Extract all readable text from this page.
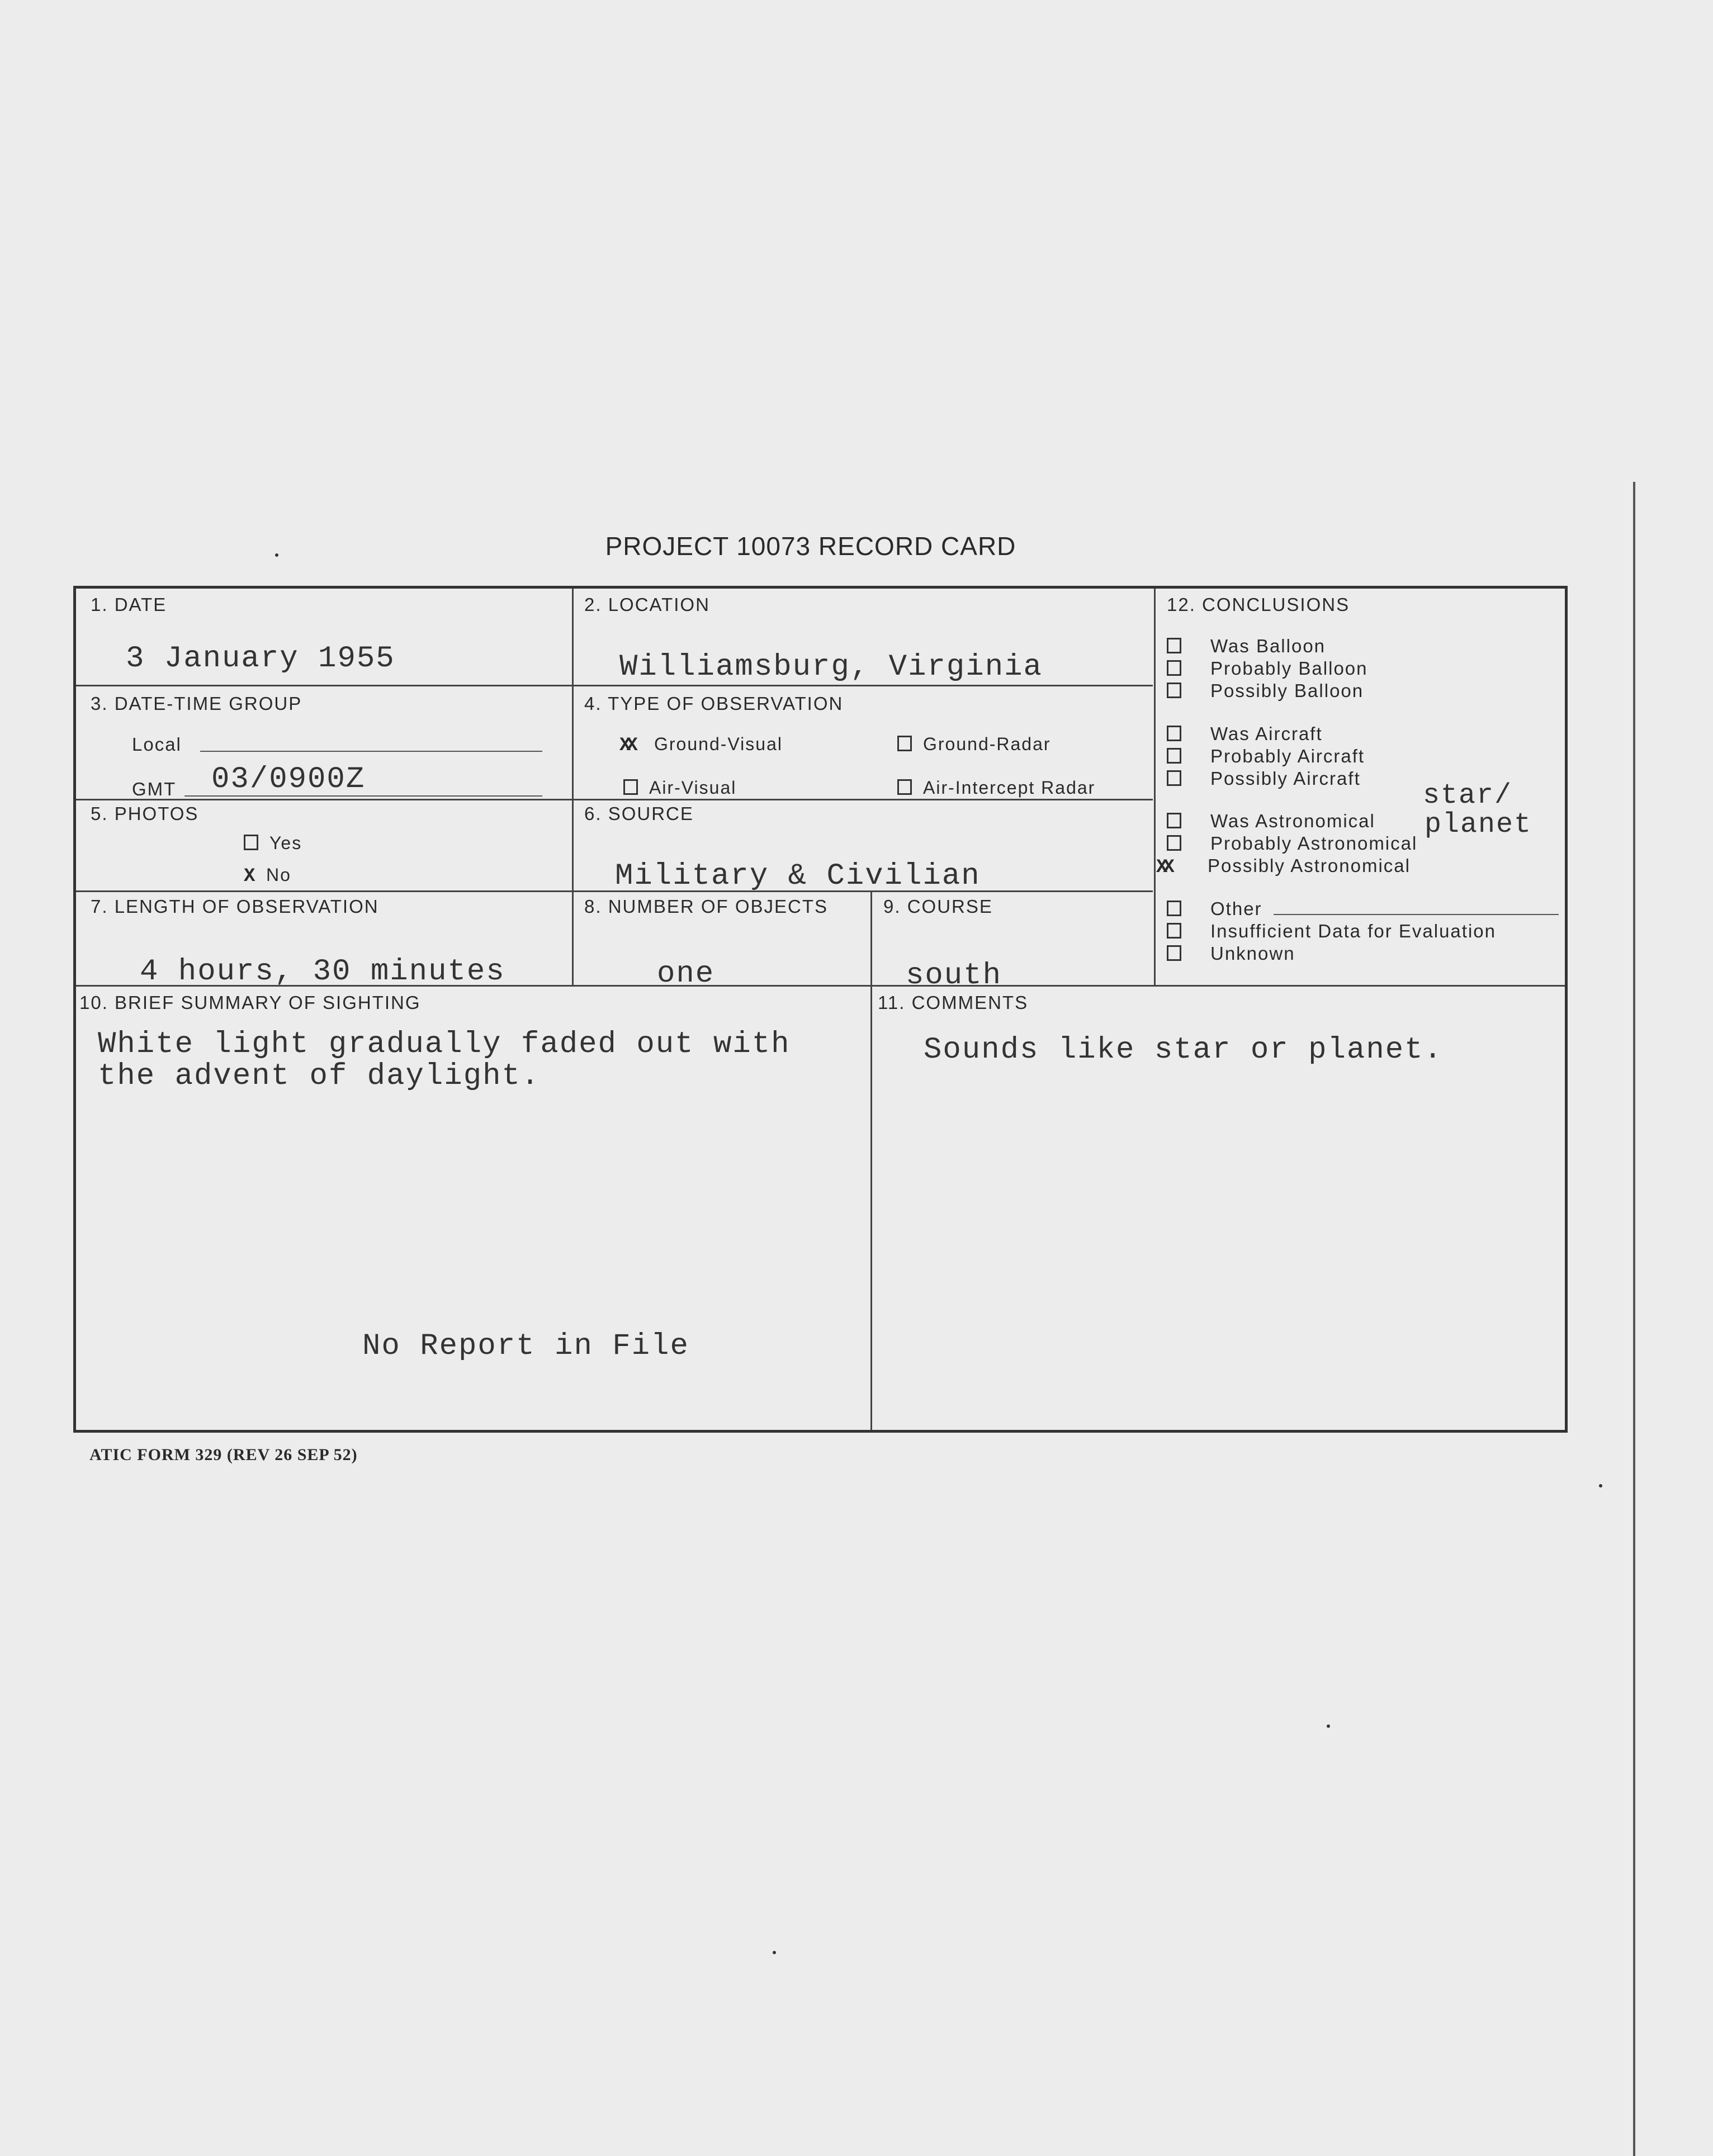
PROJECT 10073 RECORD CARD
1. DATE
3 January 1955
2. LOCATION
Williamsburg, Virginia
3. DATE-TIME GROUP
Local
GMT 03/0900Z
4. TYPE OF OBSERVATION
XX Ground-Visual	Ground-Radar
Air-Visual	Air-Intercept Radar
5. PHOTOS
Yes
X No
6. SOURCE
Military & Civilian
7. LENGTH OF OBSERVATION
4 hours, 30 minutes
8. NUMBER OF OBJECTS
one
9. COURSE
south
10. BRIEF SUMMARY OF SIGHTING
White light gradually faded out with
the advent of daylight.
No Report in File
11. COMMENTS
Sounds like star or planet.
12. CONCLUSIONS
Was Balloon
Probably Balloon
Possibly Balloon
Was Aircraft
Probably Aircraft
Possibly Aircraft
Was Astronomical
Probably Astronomical
XX Possibly Astronomical
Other
Insufficient Data for Evaluation
Unknown
star/
planet
ATIC FORM 329 (REV 26 SEP 52)
